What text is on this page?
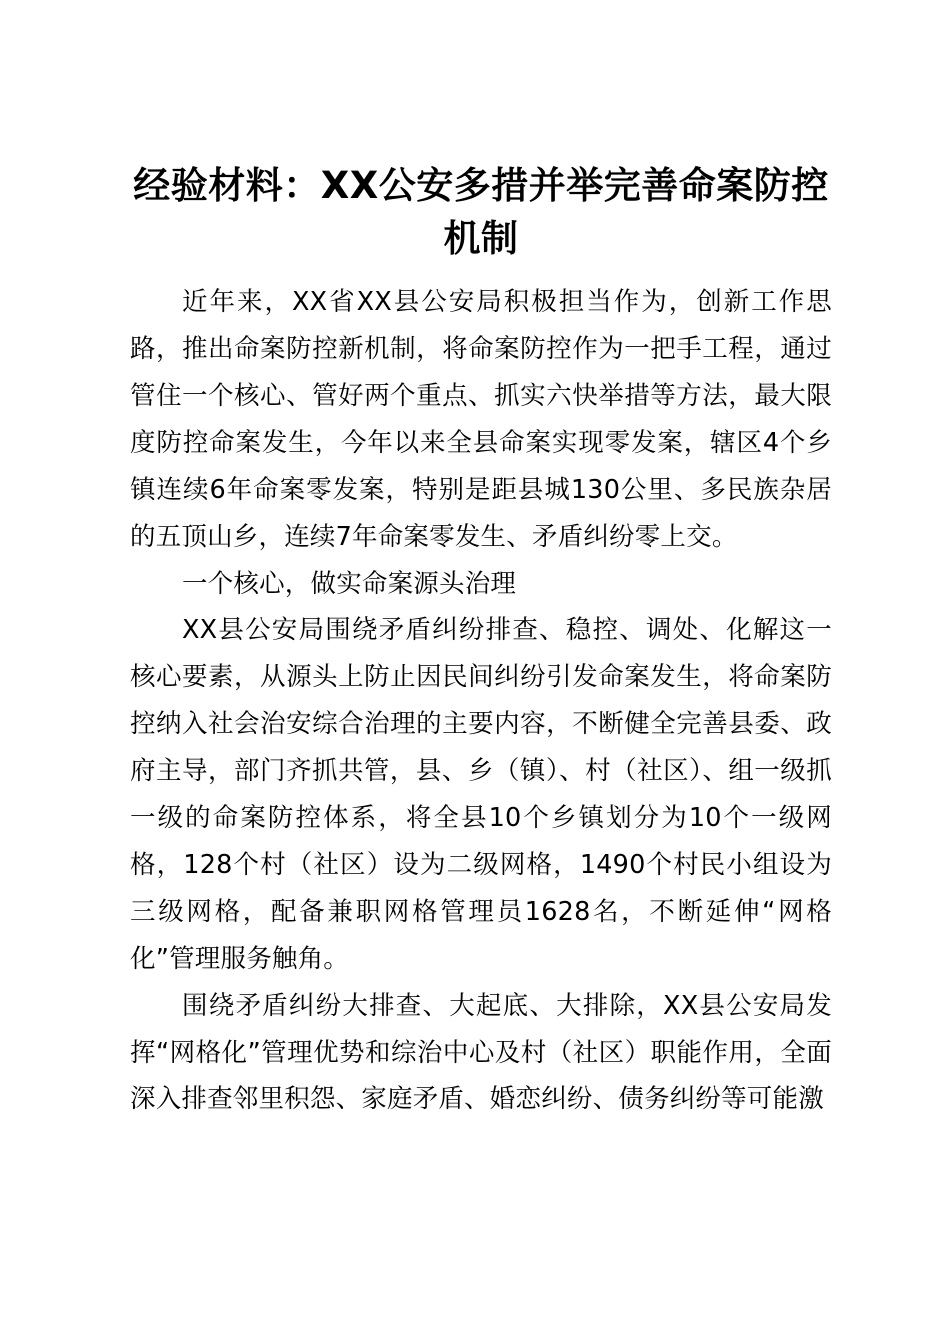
经验材料：XX公安多措并举完善命案防控机制

近年来，XX省XX县公安局积极担当作为，创新工作思路，推出命案防控新机制，将命案防控作为一把手工程，通过管住一个核心、管好两个重点、抓实六快举措等方法，最大限度防控命案发生，今年以来全县命案实现零发案，辖区4个乡镇连续6年命案零发案，特别是距县城130公里、多民族杂居的五顶山乡，连续7年命案零发生、矛盾纠纷零上交。

一个核心，做实命案源头治理

XX县公安局围绕矛盾纠纷排查、稳控、调处、化解这一核心要素，从源头上防止因民间纠纷引发命案发生，将命案防控纳入社会治安综合治理的主要内容，不断健全完善县委、政府主导，部门齐抓共管，县、乡（镇）、村（社区）、组一级抓一级的命案防控体系，将全县10个乡镇划分为10个一级网格，128个村（社区）设为二级网格，1490个村民小组设为三级网格，配备兼职网格管理员1628名，不断延伸“网格化”管理服务触角。

围绕矛盾纠纷大排查、大起底、大排除，XX县公安局发挥“网格化”管理优势和综治中心及村（社区）职能作用，全面深入排查邻里积怨、家庭矛盾、婚恋纠纷、债务纠纷等可能激
